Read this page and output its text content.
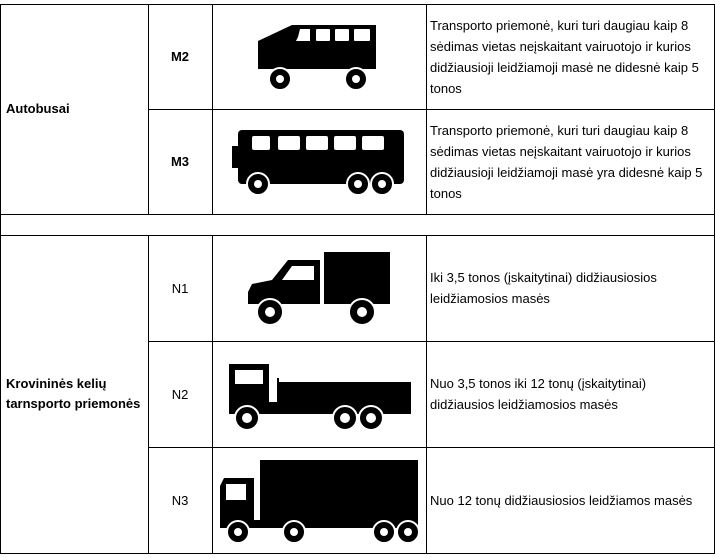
Autobusai
M2
Transporto priemonė, kuri turi daugiau kaip 8 sėdimas vietas neįskaitant vairuotojo ir kurios didžiausioji leidžiamoji masė ne didesnė kaip 5 tonos
M3
Transporto priemonė, kuri turi daugiau kaip 8 sėdimas vietas neįskaitant vairuotojo ir kurios didžiausioji leidžiamoji masė yra didesnė kaip 5 tonos
Krovininės kelių tarnsporto priemonės
N1
Iki 3,5 tonos (įskaitytinai) didžiausiosios leidžiamosios masės
N2
Nuo 3,5 tonos iki 12 tonų (įskaitytinai) didžiausios leidžiamosios masės
N3	Nuo 12 tonų didžiausiosios leidžiamos masės
